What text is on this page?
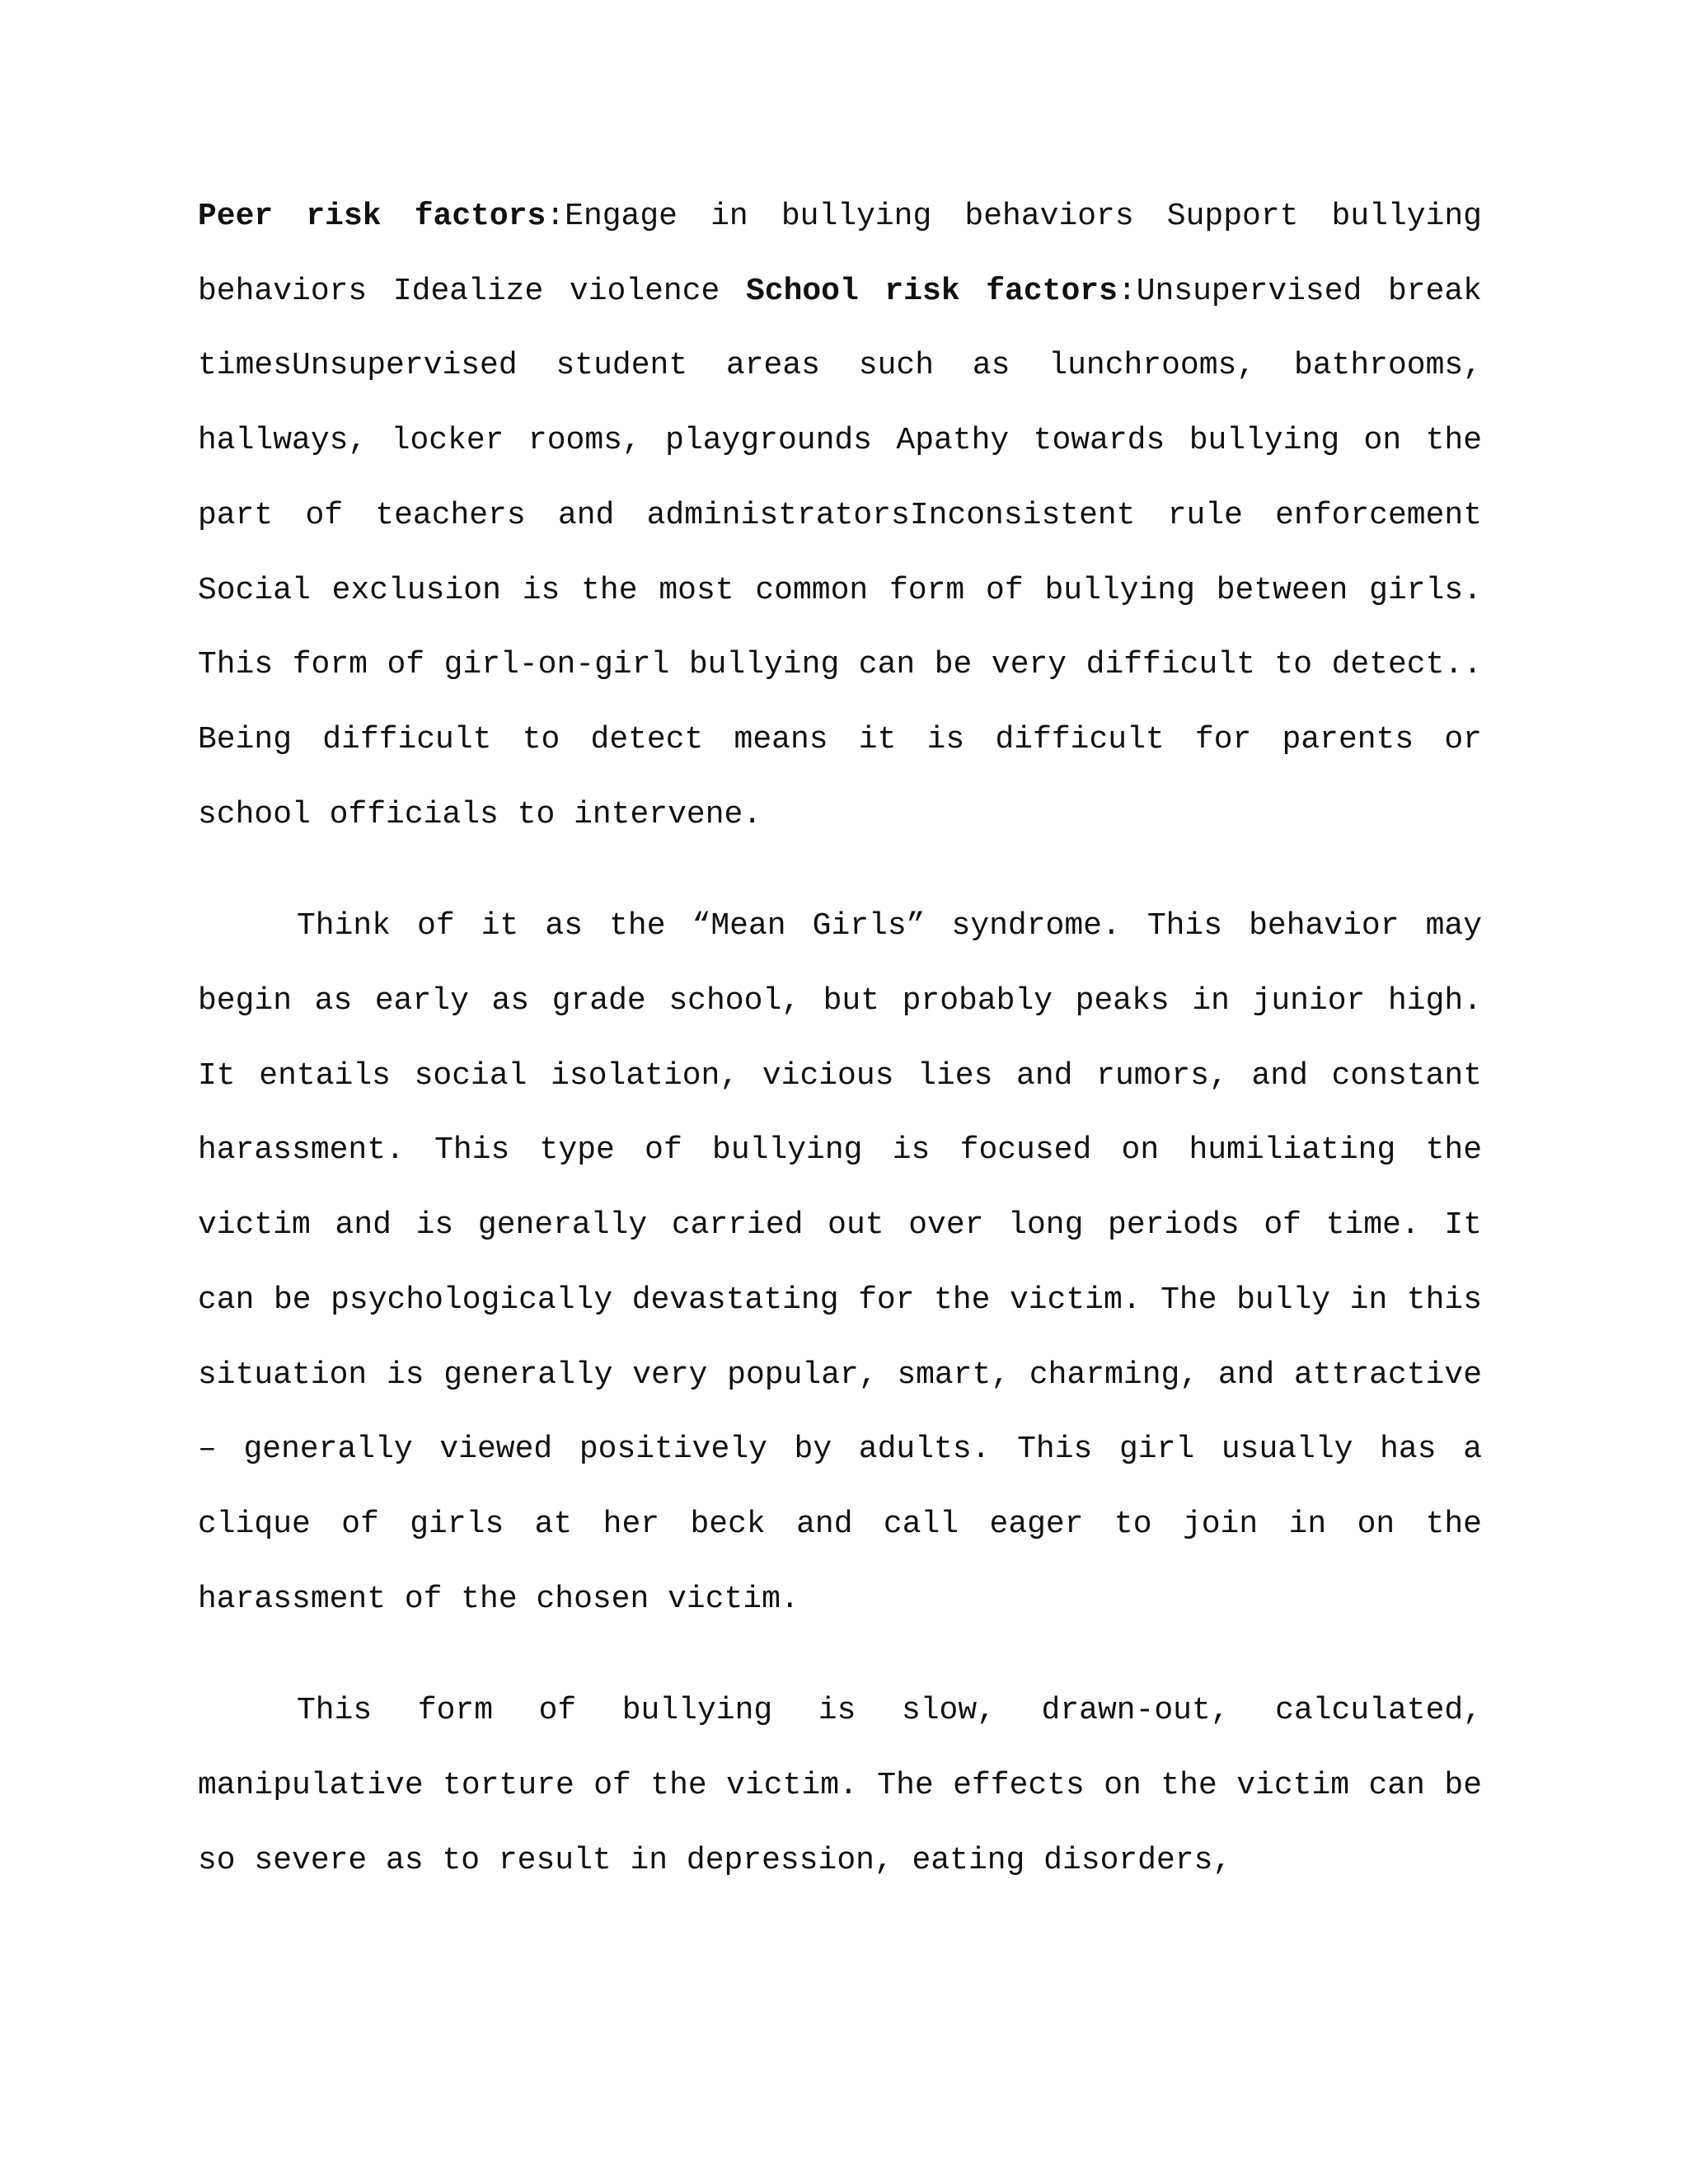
Peer risk factors:Engage in bullying behaviors Support bullying behaviors Idealize violence School risk factors:Unsupervised break timesUnsupervised student areas such as lunchrooms, bathrooms, hallways, locker rooms, playgrounds Apathy towards bullying on the part of teachers and administratorsInconsistent rule enforcement Social exclusion is the most common form of bullying between girls. This form of girl-on-girl bullying can be very difficult to detect.. Being difficult to detect means it is difficult for parents or school officials to intervene.

Think of it as the “Mean Girls” syndrome. This behavior may begin as early as grade school, but probably peaks in junior high. It entails social isolation, vicious lies and rumors, and constant harassment. This type of bullying is focused on humiliating the victim and is generally carried out over long periods of time. It can be psychologically devastating for the victim. The bully in this situation is generally very popular, smart, charming, and attractive – generally viewed positively by adults. This girl usually has a clique of girls at her beck and call eager to join in on the harassment of the chosen victim.

This form of bullying is slow, drawn-out, calculated, manipulative torture of the victim. The effects on the victim can be so severe as to result in depression, eating disorders,
